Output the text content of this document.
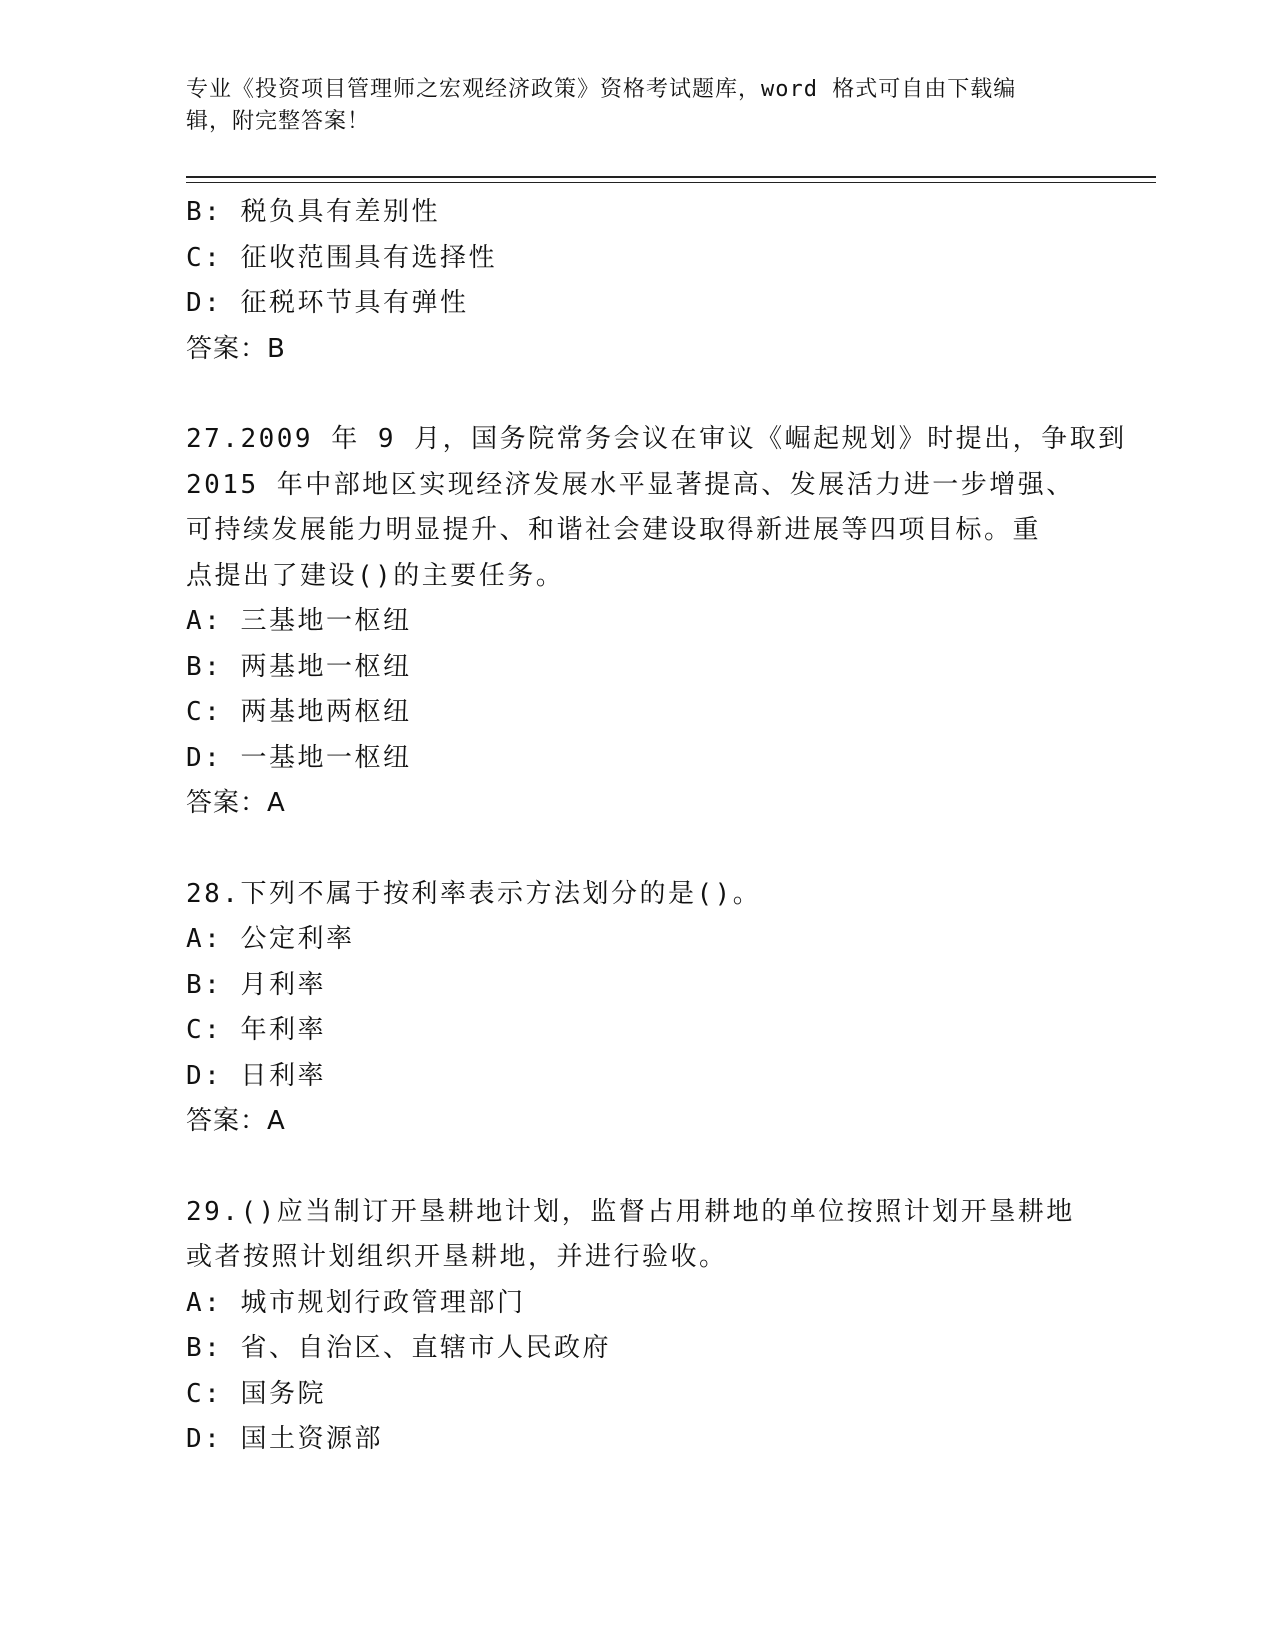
专业《投资项目管理师之宏观经济政策》资格考试题库，word 格式可自由下载编
辑，附完整答案！

B: 税负具有差别性

C: 征收范围具有选择性

D: 征税环节具有弹性

答案：B

27.2009 年 9 月，国务院常务会议在审议《崛起规划》时提出，争取到

2015 年中部地区实现经济发展水平显著提高、发展活力进一步增强、

可持续发展能力明显提升、和谐社会建设取得新进展等四项目标。重

点提出了建设()的主要任务。

A: 三基地一枢纽

B: 两基地一枢纽

C: 两基地两枢纽

D: 一基地一枢纽

答案：A

28.下列不属于按利率表示方法划分的是()。

A: 公定利率

B: 月利率

C: 年利率

D: 日利率

答案：A

29.()应当制订开垦耕地计划，监督占用耕地的单位按照计划开垦耕地

或者按照计划组织开垦耕地，并进行验收。

A: 城市规划行政管理部门

B: 省、自治区、直辖市人民政府

C: 国务院

D: 国土资源部
